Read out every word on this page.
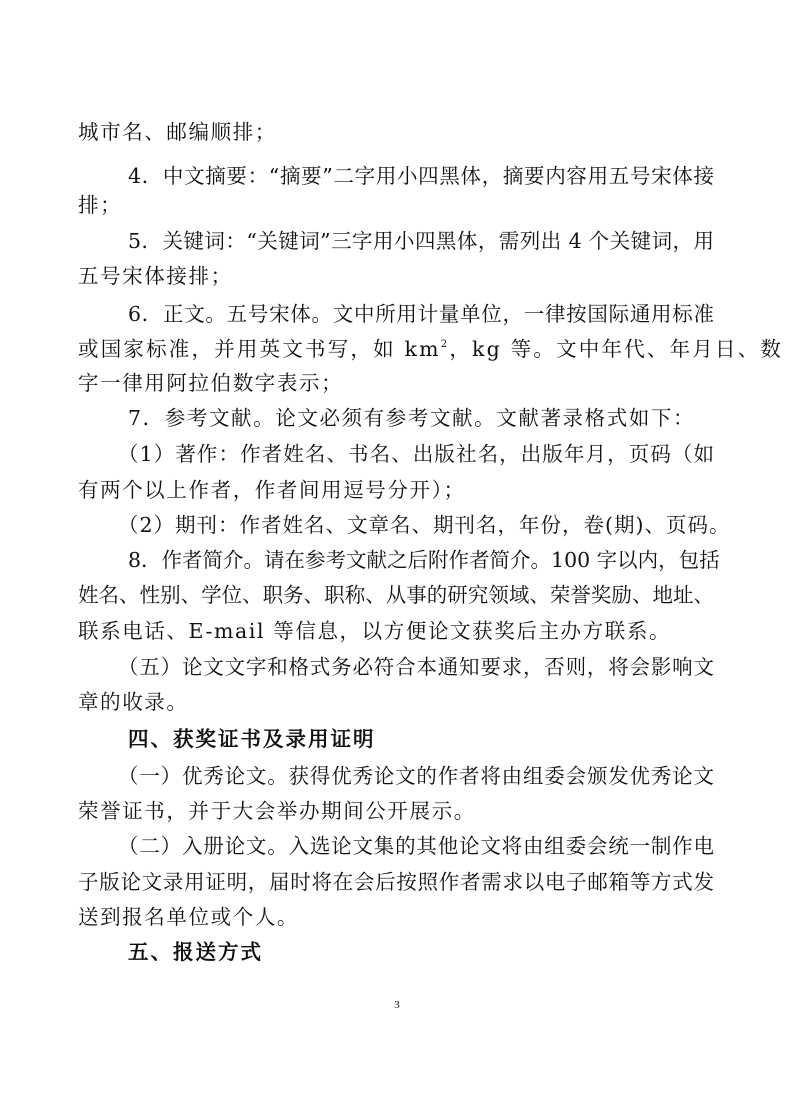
城市名、邮编顺排；
4．中文摘要：“摘要”二字用小四黑体，摘要内容用五号宋体接
排；
5．关键词：“关键词”三字用小四黑体，需列出 4 个关键词，用
五号宋体接排；
6．正文。五号宋体。文中所用计量单位，一律按国际通用标准
或国家标准，并用英文书写，如 $km^2$，kg 等。文中年代、年月日、数
字一律用阿拉伯数字表示；
7．参考文献。论文必须有参考文献。文献著录格式如下：
（1）著作：作者姓名、书名、出版社名，出版年月，页码（如
有两个以上作者，作者间用逗号分开）；
（2）期刊：作者姓名、文章名、期刊名，年份，卷(期)、页码。
8．作者简介。请在参考文献之后附作者简介。100 字以内，包括
姓名、性别、学位、职务、职称、从事的研究领域、荣誉奖励、地址、
联系电话、E-mail 等信息，以方便论文获奖后主办方联系。
（五）论文文字和格式务必符合本通知要求，否则，将会影响文
章的收录。
四、获奖证书及录用证明
（一）优秀论文。获得优秀论文的作者将由组委会颁发优秀论文
荣誉证书，并于大会举办期间公开展示。
（二）入册论文。入选论文集的其他论文将由组委会统一制作电
子版论文录用证明，届时将在会后按照作者需求以电子邮箱等方式发
送到报名单位或个人。
五、报送方式
3
